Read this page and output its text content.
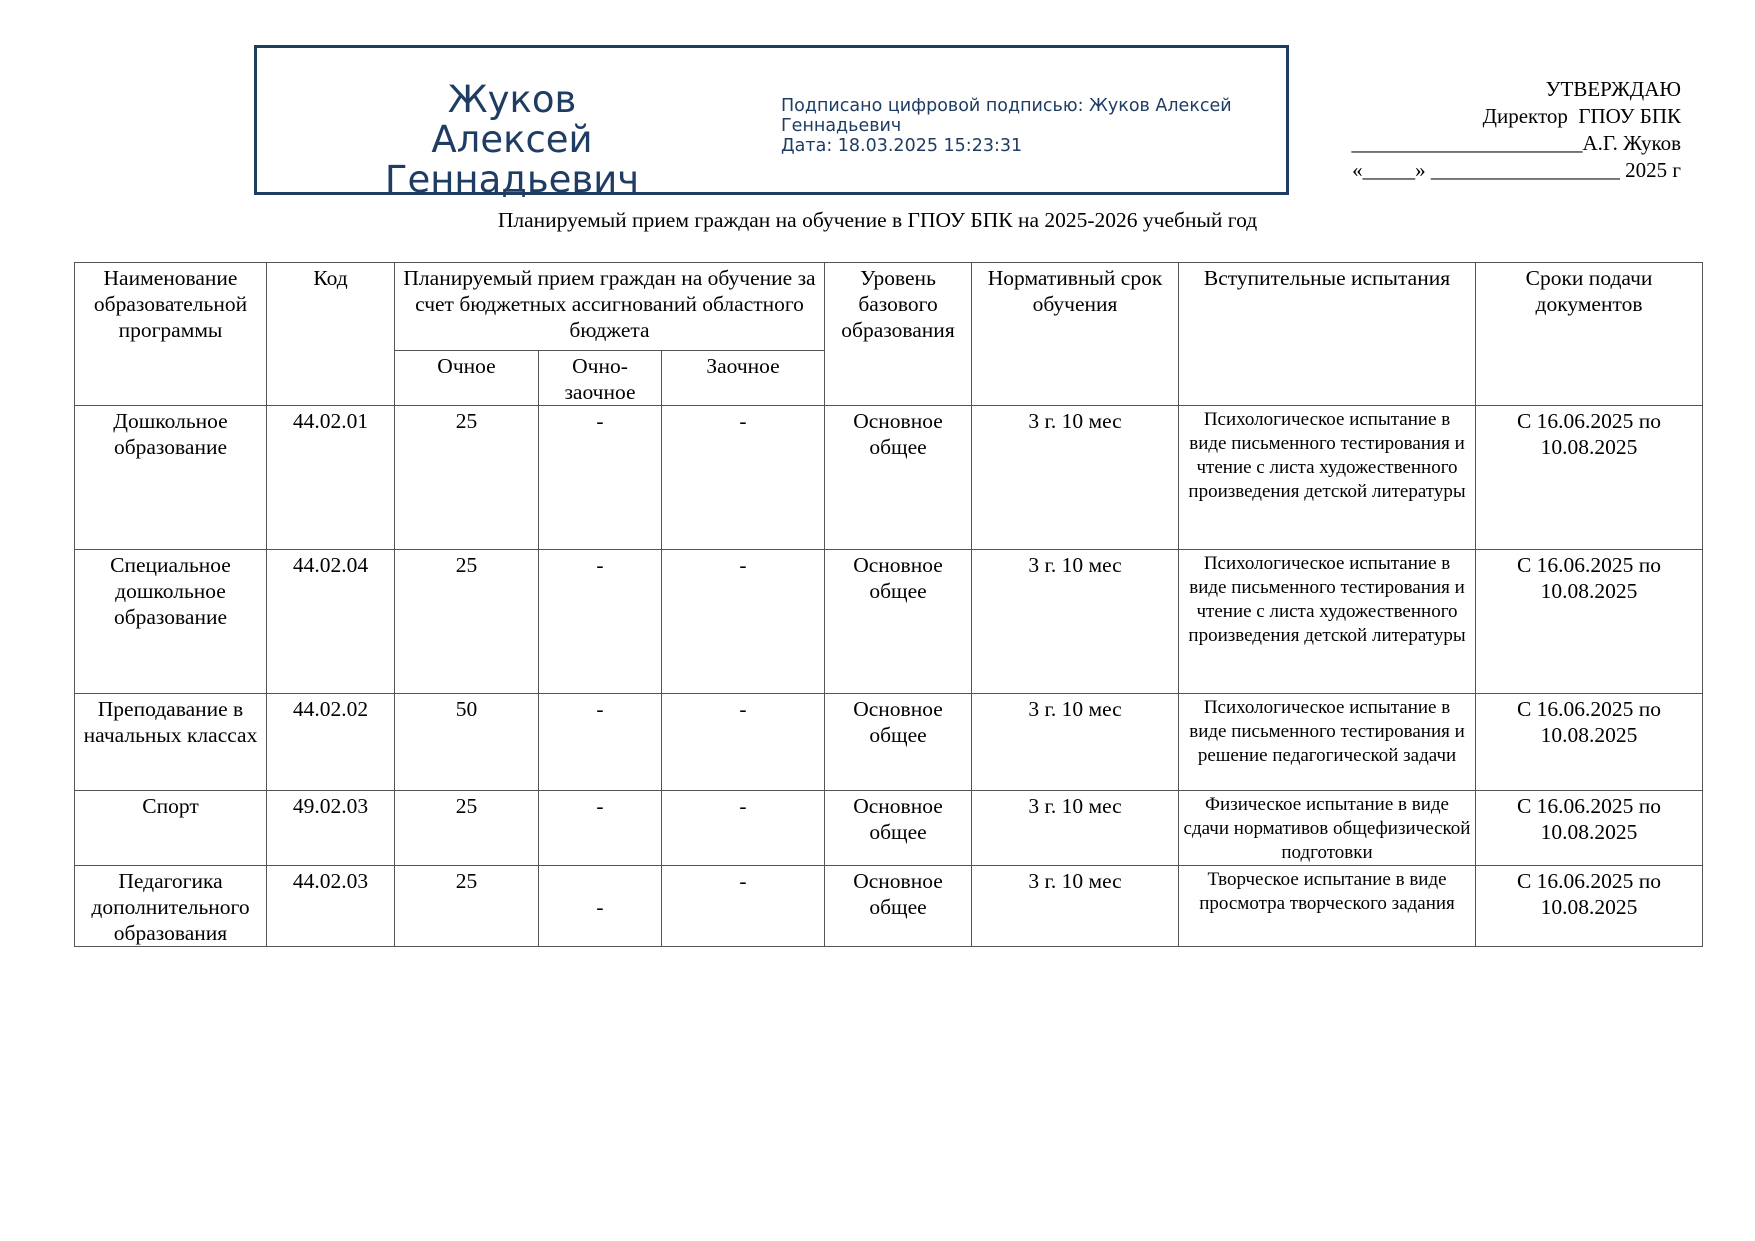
Жуков Алексей Геннадьевич
Подписано цифровой подписью: Жуков Алексей Геннадьевич
Дата: 18.03.2025 15:23:31
УТВЕРЖДАЮ
Директор  ГПОУ БПК
______________________А.Г. Жуков
«_____» __________________ 2025 г
Планируемый прием граждан на обучение в ГПОУ БПК на 2025-2026 учебный год
Наименование образовательной программы	Код	Планируемый прием граждан на обучение за счет бюджетных ассигнований областного бюджета			Уровень базового образования	Нормативный срок обучения	Вступительные испытания	Сроки подачи документов
		Очное	Очно-заочное	Заочное				
Дошкольное образование	44.02.01	25	-	-	Основное общее	3 г. 10 мес	Психологическое испытание в виде письменного тестирования и чтение с листа художественного произведения детской литературы	С 16.06.2025 по 10.08.2025
Специальное дошкольное образование	44.02.04	25	-	-	Основное общее	3 г. 10 мес	Психологическое испытание в виде письменного тестирования и чтение с листа художественного произведения детской литературы	С 16.06.2025 по 10.08.2025
Преподавание в начальных классах	44.02.02	50	-	-	Основное общее	3 г. 10 мес	Психологическое испытание в виде письменного тестирования и решение педагогической задачи	С 16.06.2025 по 10.08.2025
Спорт	49.02.03	25	-	-	Основное общее	3 г. 10 мес	Физическое испытание в виде сдачи нормативов общефизической подготовки	С 16.06.2025 по 10.08.2025
Педагогика дополнительного образования	44.02.03	25	-	-	Основное общее	3 г. 10 мес	Творческое испытание в виде просмотра творческого задания	С 16.06.2025 по 10.08.2025
